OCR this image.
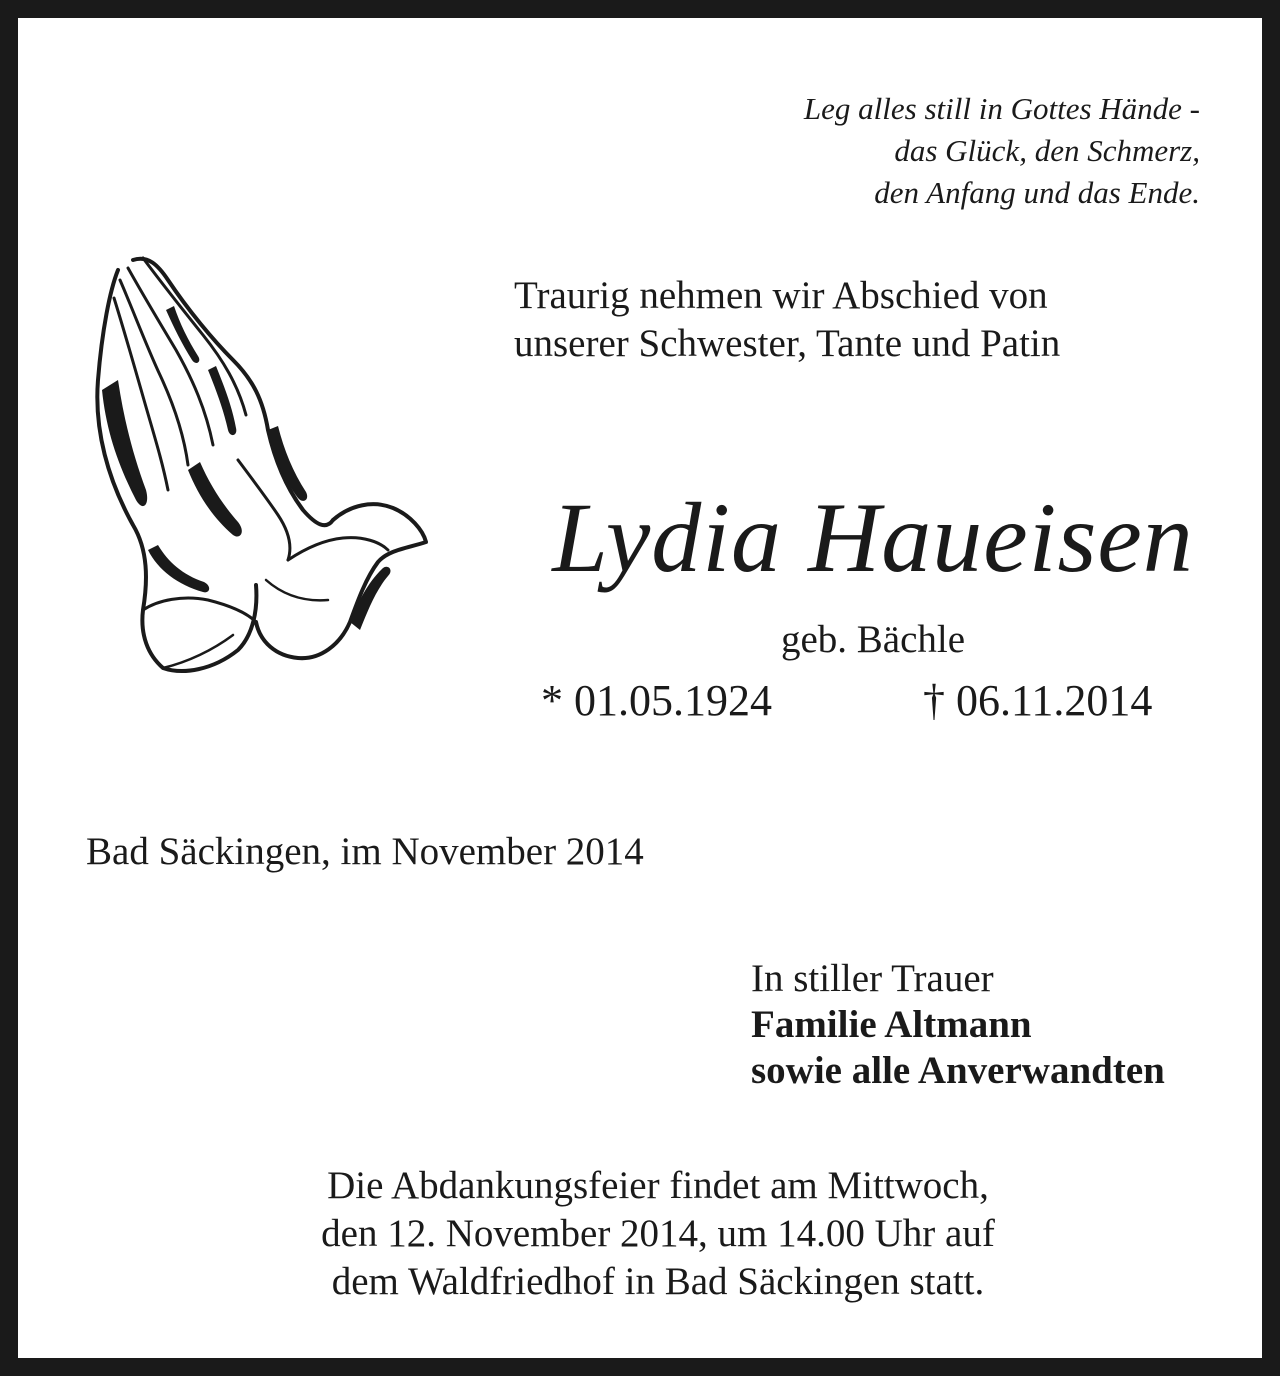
Leg alles still in Gottes Hände -
das Glück, den Schmerz,
den Anfang und das Ende.
Traurig nehmen wir Abschied von
unserer Schwester, Tante und Patin
Lydia Haueisen
geb. Bächle
* 01.05.1924	† 06.11.2014
Bad Säckingen, im November 2014
In stiller Trauer
Familie Altmann
sowie alle Anverwandten
Die Abdankungsfeier findet am Mittwoch,
den 12. November 2014, um 14.00 Uhr auf
dem Waldfriedhof in Bad Säckingen statt.
